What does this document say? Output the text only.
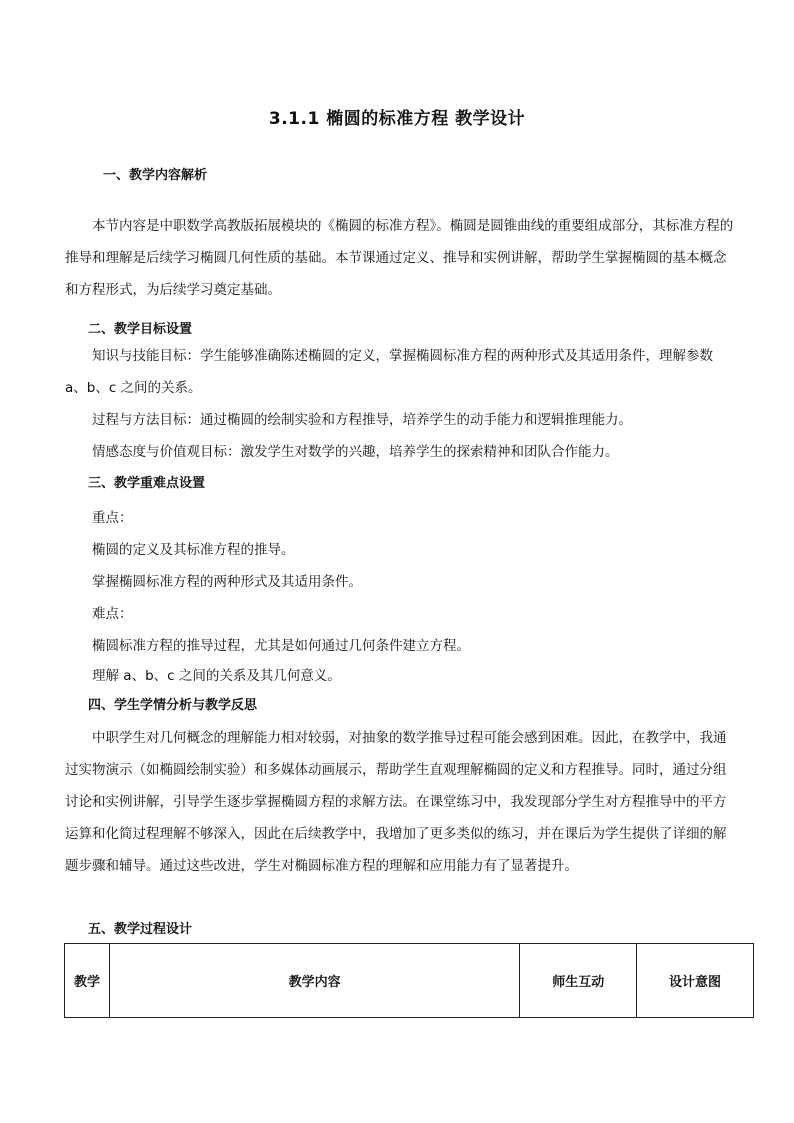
3.1.1 椭圆的标准方程 教学设计
一、教学内容解析
本节内容是中职数学高教版拓展模块的《椭圆的标准方程》。椭圆是圆锥曲线的重要组成部分，其标准方程的推导和理解是后续学习椭圆几何性质的基础。本节课通过定义、推导和实例讲解，帮助学生掌握椭圆的基本概念和方程形式，为后续学习奠定基础。
二、教学目标设置
知识与技能目标：学生能够准确陈述椭圆的定义，掌握椭圆标准方程的两种形式及其适用条件，理解参数 a、b、c 之间的关系。
过程与方法目标：通过椭圆的绘制实验和方程推导，培养学生的动手能力和逻辑推理能力。
情感态度与价值观目标：激发学生对数学的兴趣，培养学生的探索精神和团队合作能力。
三、教学重难点设置
重点：
椭圆的定义及其标准方程的推导。
掌握椭圆标准方程的两种形式及其适用条件。
难点：
椭圆标准方程的推导过程，尤其是如何通过几何条件建立方程。
理解 a、b、c 之间的关系及其几何意义。
四、学生学情分析与教学反思
中职学生对几何概念的理解能力相对较弱，对抽象的数学推导过程可能会感到困难。因此，在教学中，我通过实物演示（如椭圆绘制实验）和多媒体动画展示，帮助学生直观理解椭圆的定义和方程推导。同时，通过分组讨论和实例讲解，引导学生逐步掌握椭圆方程的求解方法。在课堂练习中，我发现部分学生对方程推导中的平方运算和化简过程理解不够深入，因此在后续教学中，我增加了更多类似的练习，并在课后为学生提供了详细的解题步骤和辅导。通过这些改进，学生对椭圆标准方程的理解和应用能力有了显著提升。
五、教学过程设计
教学	教学内容	师生互动	设计意图
